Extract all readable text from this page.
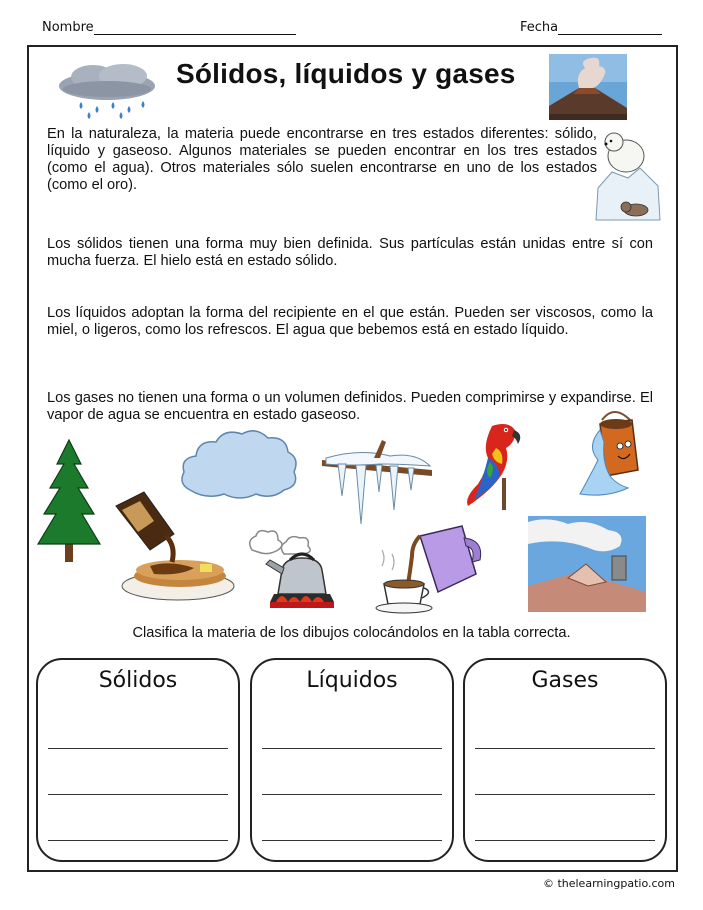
Nombre	Fecha
Sólidos, líquidos y gases
En la naturaleza, la materia puede encontrarse en tres estados diferentes: sólido, líquido y gaseoso. Algunos materiales se pueden encontrar en los tres estados (como el agua). Otros materiales sólo suelen encontrarse en uno de los estados (como el oro).
Los sólidos tienen una forma muy bien definida. Sus partículas están unidas entre sí con mucha fuerza. El hielo está en estado sólido.
Los líquidos adoptan la forma del recipiente en el que están. Pueden ser viscosos, como la miel, o ligeros, como los refrescos. El agua que bebemos está en estado líquido.
Los gases no tienen una forma o un volumen definidos. Pueden comprimirse y expandirse. El vapor de agua se encuentra en estado gaseoso.
Clasifica la materia de los dibujos colocándolos en la tabla correcta.
Sólidos	Líquidos	Gases
© thelearningpatio.com
